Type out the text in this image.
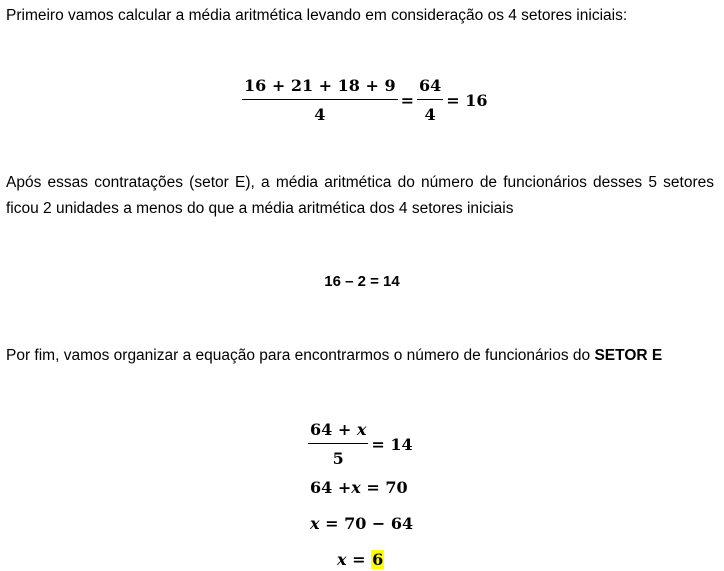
Primeiro vamos calcular a média aritmética levando em consideração os 4 setores iniciais:

$\frac{16 + 21 + 18 + 9}{4} = \frac{64}{4} = 16$

Após essas contratações (setor E), a média aritmética do número de funcionários desses 5 setores ficou 2 unidades a menos do que a média aritmética dos 4 setores iniciais

16 – 2 = 14

Por fim, vamos organizar a equação para encontrarmos o número de funcionários do SETOR E

$\frac{64 + x}{5} = 14$
64 + x = 70
x = 70 − 64
x = 6
